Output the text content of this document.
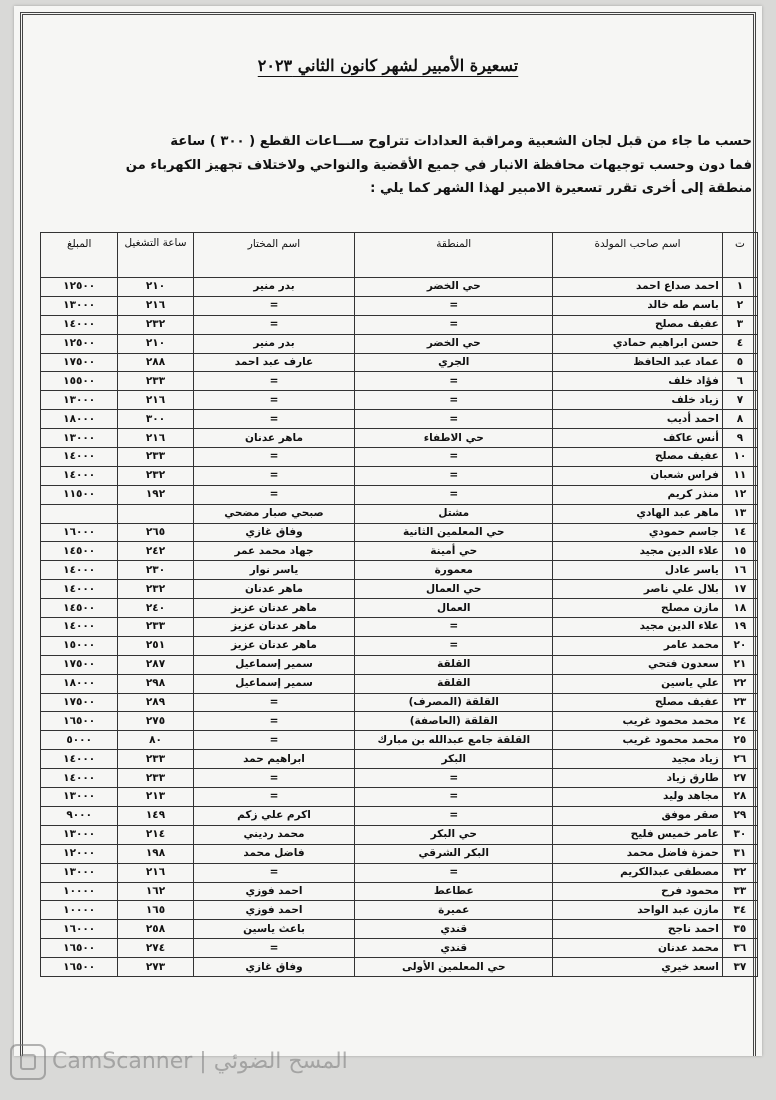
تسعيرة الأمبير لشهر كانون الثاني ٢٠٢٣

حسب ما جاء من قبل لجان الشعبية ومراقبة العدادات تتراوح ســـاعات القطع ( ٣٠٠ ) ساعة

فما دون وحسب توجيهات محافظة الانبار في جميع الأقضية والنواحي ولاختلاف تجهيز الكهرباء من

منطقة إلى أخرى تقرر تسعيرة الامبير لهذا الشهر كما يلي :

ت	اسم صاحب المولدة	المنطقة	اسم المختار	ساعة التشغيل	المبلغ
١	احمد صداع احمد	حي الخضر	بدر منير	٢١٠	١٢٥٠٠
٢	باسم طه خالد	=	=	٢١٦	١٣٠٠٠
٣	عفيف مصلح	=	=	٢٣٢	١٤٠٠٠
٤	حسن ابراهيم حمادي	حي الخضر	بدر منير	٢١٠	١٢٥٠٠
٥	عماد عبد الحافظ	الجري	عارف عبد احمد	٢٨٨	١٧٥٠٠
٦	فؤاد خلف	=	=	٢٣٣	١٥٥٠٠
٧	زياد خلف	=	=	٢١٦	١٣٠٠٠
٨	احمد أديب	=	=	٣٠٠	١٨٠٠٠
٩	أنس عاكف	حي الاطفاء	ماهر عدنان	٢١٦	١٣٠٠٠
١٠	عفيف مصلح	=	=	٢٣٣	١٤٠٠٠
١١	فراس شعبان	=	=	٢٣٢	١٤٠٠٠
١٢	منذر كريم	=	=	١٩٢	١١٥٠٠
١٣	ماهر عبد الهادي	مشتل	صبحي صبار مضحي		
١٤	جاسم حمودي	حي المعلمين الثانية	وفاق غازي	٢٦٥	١٦٠٠٠
١٥	علاء الدين مجيد	حي أمينة	جهاد محمد عمر	٢٤٢	١٤٥٠٠
١٦	ياسر عادل	معمورة	ياسر نوار	٢٣٠	١٤٠٠٠
١٧	بلال علي ناصر	حي العمال	ماهر عدنان	٢٣٢	١٤٠٠٠
١٨	مازن مصلح	العمال	ماهر عدنان عزيز	٢٤٠	١٤٥٠٠
١٩	علاء الدين مجيد	=	ماهر عدنان عزيز	٢٣٣	١٤٠٠٠
٢٠	محمد عامر	=	ماهر عدنان عزيز	٢٥١	١٥٠٠٠
٢١	سعدون فتحي	القلقة	سمير إسماعيل	٢٨٧	١٧٥٠٠
٢٢	علي ياسين	القلقة	سمير إسماعيل	٢٩٨	١٨٠٠٠
٢٣	عفيف مصلح	القلقة (المصرف)	=	٢٨٩	١٧٥٠٠
٢٤	محمد محمود غريب	القلقة (العاصفة)	=	٢٧٥	١٦٥٠٠
٢٥	محمد محمود غريب	القلقة جامع عبدالله بن مبارك	=	٨٠	٥٠٠٠
٢٦	زياد مجيد	البكر	ابراهيم حمد	٢٣٣	١٤٠٠٠
٢٧	طارق زياد	=	=	٢٣٣	١٤٠٠٠
٢٨	مجاهد وليد	=	=	٢١٣	١٣٠٠٠
٢٩	صقر موفق	=	اكرم علي زكم	١٤٩	٩٠٠٠
٣٠	عامر خميس فليح	حي البكر	محمد رديني	٢١٤	١٣٠٠٠
٣١	حمزة فاضل محمد	البكر الشرقي	فاضل محمد	١٩٨	١٢٠٠٠
٣٢	مصطفى عبدالكريم	=	=	٢١٦	١٣٠٠٠
٣٣	محمود فرح	عطاعط	احمد فوزي	١٦٢	١٠٠٠٠
٣٤	مازن عبد الواحد	عميرة	احمد فوزي	١٦٥	١٠٠٠٠
٣٥	احمد ناجح	قندي	باعث ياسين	٢٥٨	١٦٠٠٠
٣٦	محمد عدنان	قندي	=	٢٧٤	١٦٥٠٠
٣٧	اسعد خيري	حي المعلمين الأولى	وفاق غازي	٢٧٣	١٦٥٠٠
CamScanner | المسح الضوئي
